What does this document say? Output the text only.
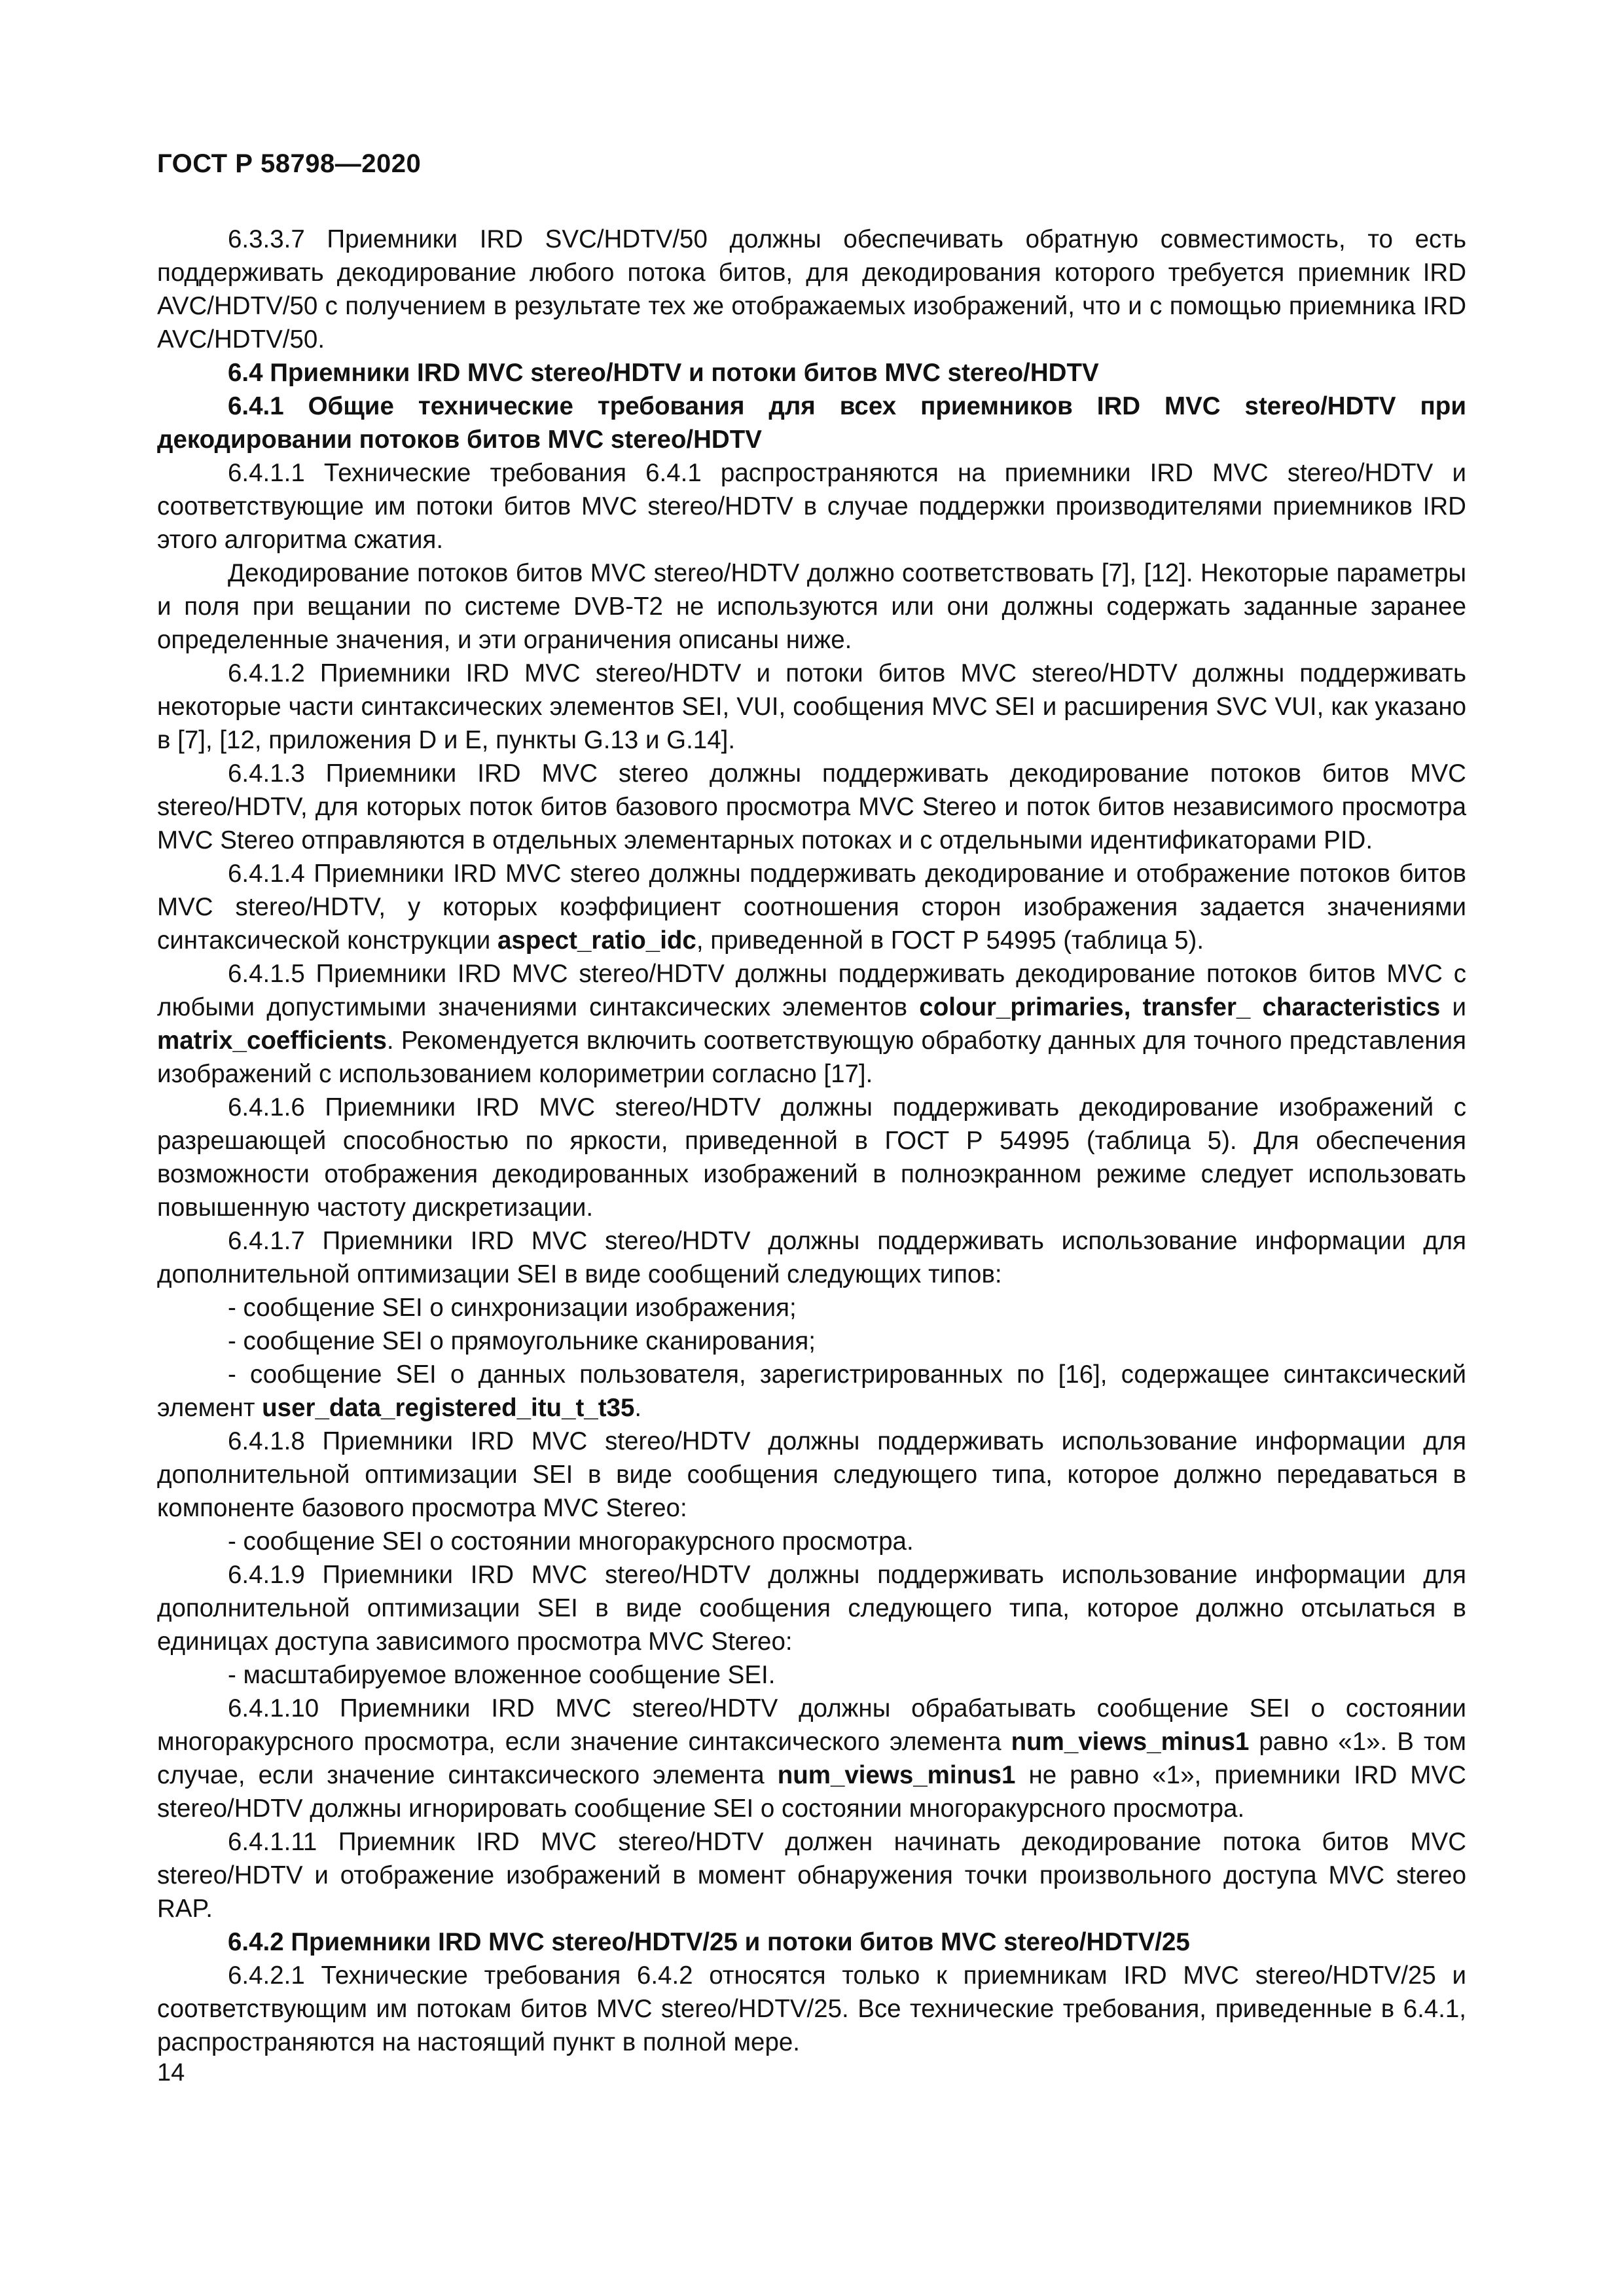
ГОСТ Р 58798—2020

6.3.3.7 Приемники IRD SVC/HDTV/50 должны обеспечивать обратную совместимость, то есть поддерживать декодирование любого потока битов, для декодирования которого требуется приемник IRD AVC/HDTV/50 с получением в результате тех же отображаемых изображений, что и с помощью приемника IRD AVC/HDTV/50.

6.4 Приемники IRD MVC stereo/HDTV и потоки битов MVC stereo/HDTV

6.4.1 Общие технические требования для всех приемников IRD MVC stereo/HDTV при декодировании потоков битов MVC stereo/HDTV

6.4.1.1 Технические требования 6.4.1 распространяются на приемники IRD MVC stereo/HDTV и соответствующие им потоки битов MVC stereo/HDTV в случае поддержки производителями приемников IRD этого алгоритма сжатия.

Декодирование потоков битов MVC stereo/HDTV должно соответствовать [7], [12]. Некоторые параметры и поля при вещании по системе DVB-T2 не используются или они должны содержать заданные заранее определенные значения, и эти ограничения описаны ниже.

6.4.1.2 Приемники IRD MVC stereo/HDTV и потоки битов MVC stereo/HDTV должны поддерживать некоторые части синтаксических элементов SEI, VUI, сообщения MVC SEI и расширения SVC VUI, как указано в [7], [12, приложения D и E, пункты G.13 и G.14].

6.4.1.3 Приемники IRD MVC stereo должны поддерживать декодирование потоков битов MVC stereo/HDTV, для которых поток битов базового просмотра MVC Stereo и поток битов независимого просмотра MVC Stereo отправляются в отдельных элементарных потоках и с отдельными идентификаторами PID.

6.4.1.4 Приемники IRD MVC stereo должны поддерживать декодирование и отображение потоков битов MVC stereo/HDTV, у которых коэффициент соотношения сторон изображения задается значениями синтаксической конструкции aspect_ratio_idc, приведенной в ГОСТ Р 54995 (таблица 5).

6.4.1.5 Приемники IRD MVC stereo/HDTV должны поддерживать декодирование потоков битов MVC с любыми допустимыми значениями синтаксических элементов colour_primaries, transfer_ characteristics и matrix_coefficients. Рекомендуется включить соответствующую обработку данных для точного представления изображений с использованием колориметрии согласно [17].

6.4.1.6 Приемники IRD MVC stereo/HDTV должны поддерживать декодирование изображений с разрешающей способностью по яркости, приведенной в ГОСТ Р 54995 (таблица 5). Для обеспечения возможности отображения декодированных изображений в полноэкранном режиме следует использовать повышенную частоту дискретизации.

6.4.1.7 Приемники IRD MVC stereo/HDTV должны поддерживать использование информации для дополнительной оптимизации SEI в виде сообщений следующих типов:

- сообщение SEI о синхронизации изображения;

- сообщение SEI о прямоугольнике сканирования;

- сообщение SEI о данных пользователя, зарегистрированных по [16], содержащее синтаксический элемент user_data_registered_itu_t_t35.

6.4.1.8 Приемники IRD MVC stereo/HDTV должны поддерживать использование информации для дополнительной оптимизации SEI в виде сообщения следующего типа, которое должно передаваться в компоненте базового просмотра MVC Stereo:

- сообщение SEI о состоянии многоракурсного просмотра.

6.4.1.9 Приемники IRD MVC stereo/HDTV должны поддерживать использование информации для дополнительной оптимизации SEI в виде сообщения следующего типа, которое должно отсылаться в единицах доступа зависимого просмотра MVC Stereo:

- масштабируемое вложенное сообщение SEI.

6.4.1.10 Приемники IRD MVC stereo/HDTV должны обрабатывать сообщение SEI о состоянии многоракурсного просмотра, если значение синтаксического элемента num_views_minus1 равно «1». В том случае, если значение синтаксического элемента num_views_minus1 не равно «1», приемники IRD MVC stereo/HDTV должны игнорировать сообщение SEI о состоянии многоракурсного просмотра.

6.4.1.11 Приемник IRD MVC stereo/HDTV должен начинать декодирование потока битов MVC stereo/HDTV и отображение изображений в момент обнаружения точки произвольного доступа MVC stereo RAP.

6.4.2 Приемники IRD MVC stereo/HDTV/25 и потоки битов MVC stereo/HDTV/25

6.4.2.1 Технические требования 6.4.2 относятся только к приемникам IRD MVC stereo/HDTV/25 и соответствующим им потокам битов MVC stereo/HDTV/25. Все технические требования, приведенные в 6.4.1, распространяются на настоящий пункт в полной мере.

14
